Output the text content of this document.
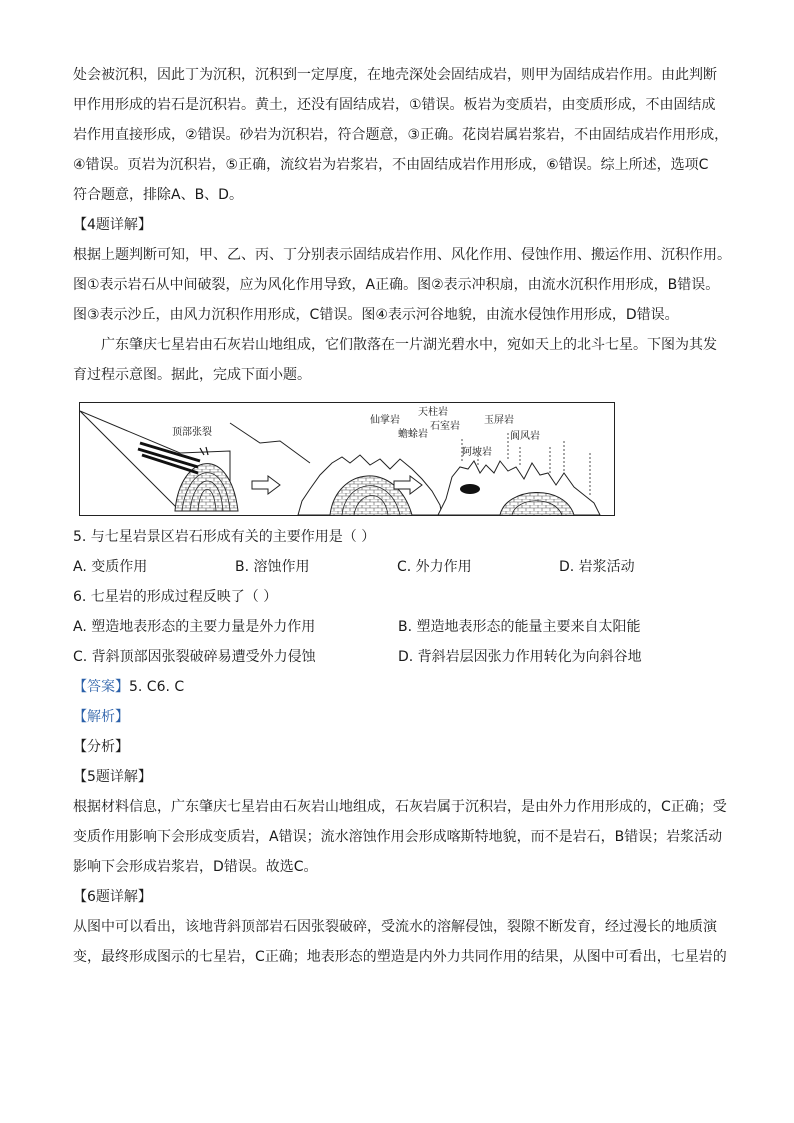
处会被沉积，因此丁为沉积，沉积到一定厚度，在地壳深处会固结成岩，则甲为固结成岩作用。由此判断

甲作用形成的岩石是沉积岩。黄土，还没有固结成岩，①错误。板岩为变质岩，由变质形成，不由固结成

岩作用直接形成，②错误。砂岩为沉积岩，符合题意，③正确。花岗岩属岩浆岩，不由固结成岩作用形成，

④错误。页岩为沉积岩，⑤正确，流纹岩为岩浆岩，不由固结成岩作用形成，⑥错误。综上所述，选项C

符合题意，排除A、B、D。

【4题详解】

根据上题判断可知，甲、乙、丙、丁分别表示固结成岩作用、风化作用、侵蚀作用、搬运作用、沉积作用。

图①表示岩石从中间破裂，应为风化作用导致，A正确。图②表示冲积扇，由流水沉积作用形成，B错误。

图③表示沙丘，由风力沉积作用形成，C错误。图④表示河谷地貌，由流水侵蚀作用形成，D错误。

广东肇庆七星岩由石灰岩山地组成，它们散落在一片湖光碧水中，宛如天上的北斗七星。下图为其发

育过程示意图。据此，完成下面小题。

顶部张裂
仙掌岩
蟾蜍岩
天柱岩
石室岩
玉屏岩
阿坡岩
阆风岩

5. 与七星岩景区岩石形成有关的主要作用是（ ）

A. 变质作用	B. 溶蚀作用	C. 外力作用	D. 岩浆活动

6. 七星岩的形成过程反映了（ ）

A. 塑造地表形态的主要力量是外力作用	B. 塑造地表形态的能量主要来自太阳能
C. 背斜顶部因张裂破碎易遭受外力侵蚀	D. 背斜岩层因张力作用转化为向斜谷地

【答案】5. C6. C

【解析】

【分析】

【5题详解】

根据材料信息，广东肇庆七星岩由石灰岩山地组成，石灰岩属于沉积岩，是由外力作用形成的，C正确；受

变质作用影响下会形成变质岩，A错误；流水溶蚀作用会形成喀斯特地貌，而不是岩石，B错误；岩浆活动

影响下会形成岩浆岩，D错误。故选C。

【6题详解】

从图中可以看出，该地背斜顶部岩石因张裂破碎，受流水的溶解侵蚀，裂隙不断发育，经过漫长的地质演

变，最终形成图示的七星岩，C正确；地表形态的塑造是内外力共同作用的结果，从图中可看出，七星岩的
